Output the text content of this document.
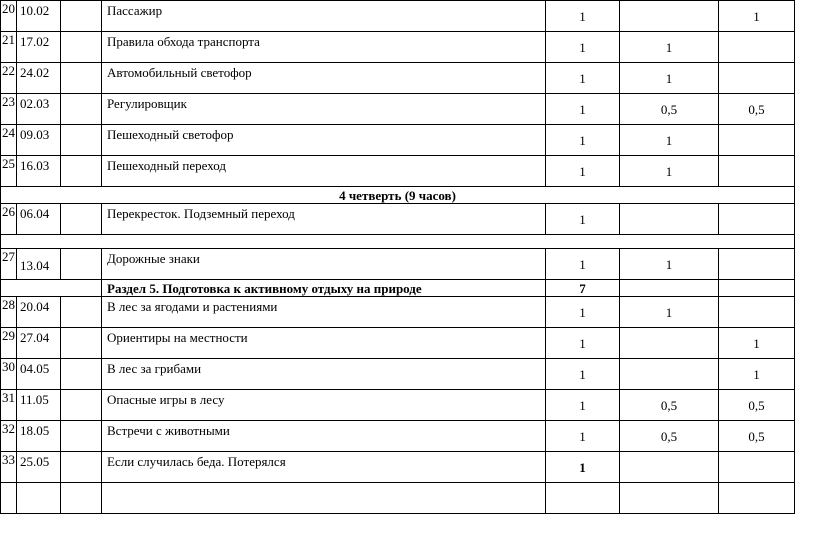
20	10.02		Пассажир	1		1
21	17.02		Правила обхода транспорта	1	1	
22	24.02		Автомобильный светофор	1	1	
23	02.03		Регулировщик	1	0,5	0,5
24	09.03		Пешеходный светофор	1	1	
25	16.03		Пешеходный переход	1	1	
4 четверть (9 часов)						
26	06.04		Перекресток. Подземный переход	1		

27	13.04		Дорожные знаки	1	1	
			Раздел 5. Подготовка к активному отдыху на природе	7		
28	20.04		В лес за ягодами и растениями	1	1	
29	27.04		Ориентиры на местности	1		1
30	04.05		В лес за грибами	1		1
31	11.05		Опасные игры в лесу	1	0,5	0,5
32	18.05		Встречи с животными	1	0,5	0,5
33	25.05		Если случилась беда. Потерялся	1		
